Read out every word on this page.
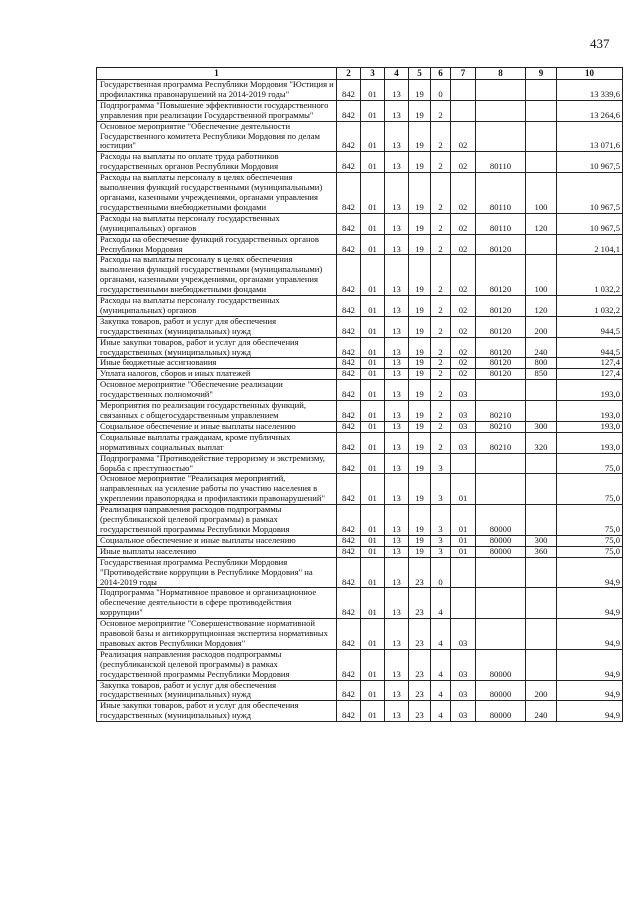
437
1	2	3	4	5	6	7	8	9	10
Государственная программа Республики Мордовия "Юстиция и профилактика правонарушений на 2014-2019 годы"	842	01	13	19	0				13 339,6
Подпрограмма "Повышение эффективности государственного управления при реализации Государственной программы"	842	01	13	19	2				13 264,6
Основное мероприятие "Обеспечение деятельности Государственного комитета Республики Мордовия по делам юстиции"	842	01	13	19	2	02			13 071,6
Расходы на выплаты по оплате труда работников государственных органов Республики Мордовия	842	01	13	19	2	02	80110		10 967,5
Расходы на выплаты персоналу в целях обеспечения выполнения функций государственными (муниципальными) органами, казенными учреждениями, органами управления государственными внебюджетными фондами	842	01	13	19	2	02	80110	100	10 967,5
Расходы на выплаты персоналу государственных (муниципальных) органов	842	01	13	19	2	02	80110	120	10 967,5
Расходы на обеспечение функций государственных органов Республики Мордовия	842	01	13	19	2	02	80120		2 104,1
Расходы на выплаты персоналу в целях обеспечения выполнения функций государственными (муниципальными) органами, казенными учреждениями, органами управления государственными внебюджетными фондами	842	01	13	19	2	02	80120	100	1 032,2
Расходы на выплаты персоналу государственных (муниципальных) органов	842	01	13	19	2	02	80120	120	1 032,2
Закупка товаров, работ и услуг для обеспечения государственных (муниципальных) нужд	842	01	13	19	2	02	80120	200	944,5
Иные закупки товаров, работ и услуг для обеспечения государственных (муниципальных) нужд	842	01	13	19	2	02	80120	240	944,5
Иные бюджетные ассигнования	842	01	13	19	2	02	80120	800	127,4
Уплата налогов, сборов и иных платежей	842	01	13	19	2	02	80120	850	127,4
Основное мероприятие "Обеспечение реализации государственных полномочий"	842	01	13	19	2	03			193,0
Мероприятия по реализации государственных функций, связанных с общегосударственным управлением	842	01	13	19	2	03	80210		193,0
Социальное обеспечение и иные выплаты населению	842	01	13	19	2	03	80210	300	193,0
Социальные выплаты гражданам, кроме публичных нормативных социальных выплат	842	01	13	19	2	03	80210	320	193,0
Подпрограмма "Противодействие терроризму и экстремизму, борьба с преступностью"	842	01	13	19	3				75,0
Основное мероприятие "Реализация мероприятий, направленных на усиление работы по участию населения в укреплении правопорядка и профилактики правонарушений"	842	01	13	19	3	01			75,0
Реализация направления расходов подпрограммы (республиканской целевой программы) в рамках государственной программы Республики Мордовия	842	01	13	19	3	01	80000		75,0
Социальное обеспечение и иные выплаты населению	842	01	13	19	3	01	80000	300	75,0
Иные выплаты населению	842	01	13	19	3	01	80000	360	75,0
Государственная программа Республики Мордовия "Противодействие коррупции в Республике Мордовия" на 2014-2019 годы	842	01	13	23	0				94,9
Подпрограмма "Нормативное правовое и организационное обеспечение деятельности в сфере противодействия коррупции"	842	01	13	23	4				94,9
Основное мероприятие "Совершенствование нормативной правовой базы и антикоррупционная экспертиза нормативных правовых актов Республики Мордовия"	842	01	13	23	4	03			94,9
Реализация направления расходов подпрограммы (республиканской целевой программы) в рамках государственной программы Республики Мордовия	842	01	13	23	4	03	80000		94,9
Закупка товаров, работ и услуг для обеспечения государственных (муниципальных) нужд	842	01	13	23	4	03	80000	200	94,9
Иные закупки товаров, работ и услуг для обеспечения государственных (муниципальных) нужд	842	01	13	23	4	03	80000	240	94,9
